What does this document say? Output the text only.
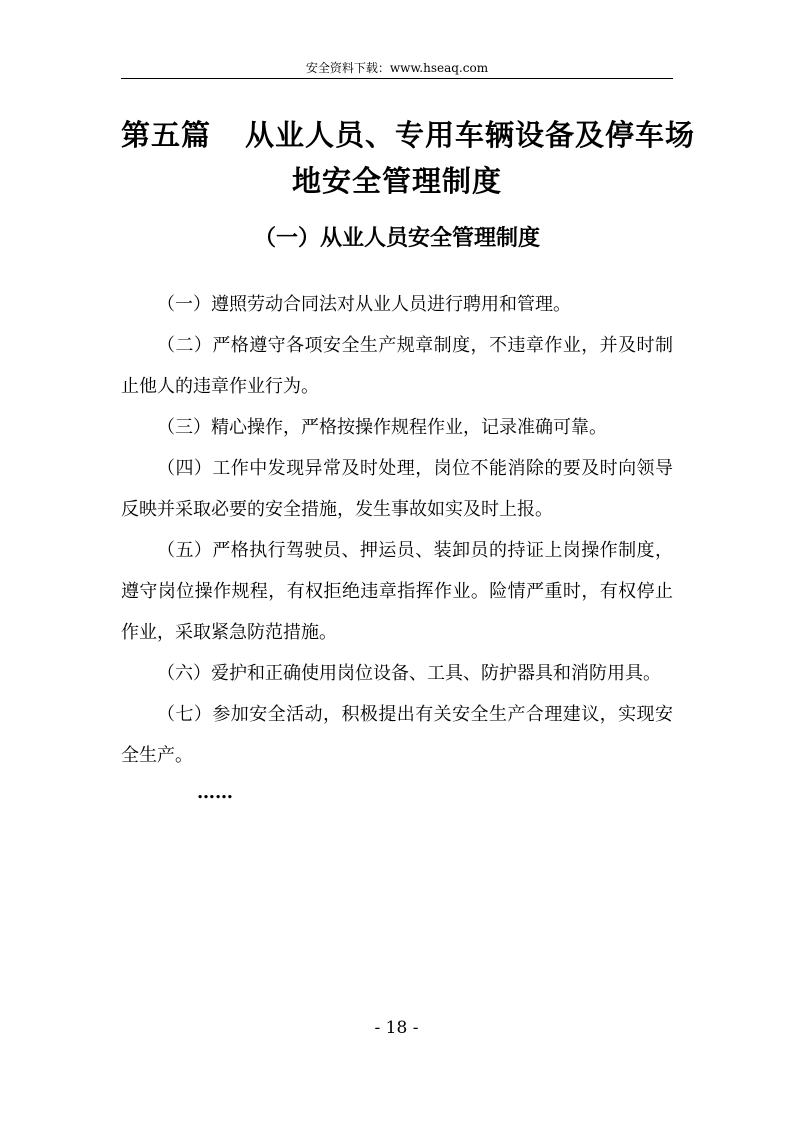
安全资料下载：www.hseaq.com
第五篇 从业人员、专用车辆设备及停车场
地安全管理制度
（一）从业人员安全管理制度

（一）遵照劳动合同法对从业人员进行聘用和管理。

（二）严格遵守各项安全生产规章制度，不违章作业，并及时制止他人的违章作业行为。

（三）精心操作，严格按操作规程作业，记录准确可靠。

（四）工作中发现异常及时处理，岗位不能消除的要及时向领导反映并采取必要的安全措施，发生事故如实及时上报。

（五）严格执行驾驶员、押运员、装卸员的持证上岗操作制度，遵守岗位操作规程，有权拒绝违章指挥作业。险情严重时，有权停止作业，采取紧急防范措施。

（六）爱护和正确使用岗位设备、工具、防护器具和消防用具。

（七）参加安全活动，积极提出有关安全生产合理建议，实现安全生产。

……

- 18 -
